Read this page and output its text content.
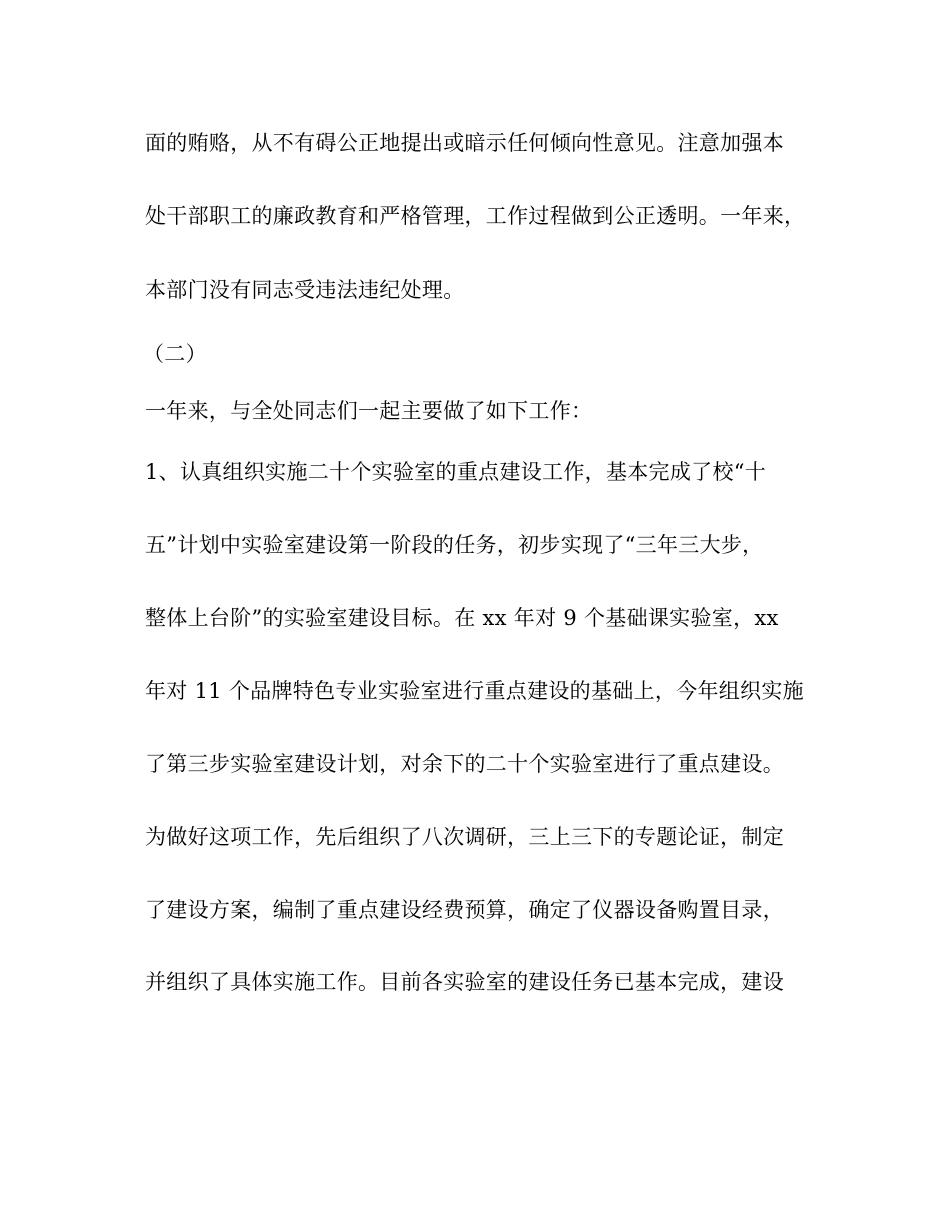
面的贿赂，从不有碍公正地提出或暗示任何倾向性意见。注意加强本
处干部职工的廉政教育和严格管理，工作过程做到公正透明。一年来，
本部门没有同志受违法违纪处理。
（二）
一年来，与全处同志们一起主要做了如下工作：
1、认真组织实施二十个实验室的重点建设工作，基本完成了校“十
五”计划中实验室建设第一阶段的任务，初步实现了“三年三大步，
整体上台阶”的实验室建设目标。在 xx 年对 9 个基础课实验室，xx
年对 11 个品牌特色专业实验室进行重点建设的基础上，今年组织实施
了第三步实验室建设计划，对余下的二十个实验室进行了重点建设。
为做好这项工作，先后组织了八次调研，三上三下的专题论证，制定
了建设方案，编制了重点建设经费预算，确定了仪器设备购置目录，
并组织了具体实施工作。目前各实验室的建设任务已基本完成，建设
